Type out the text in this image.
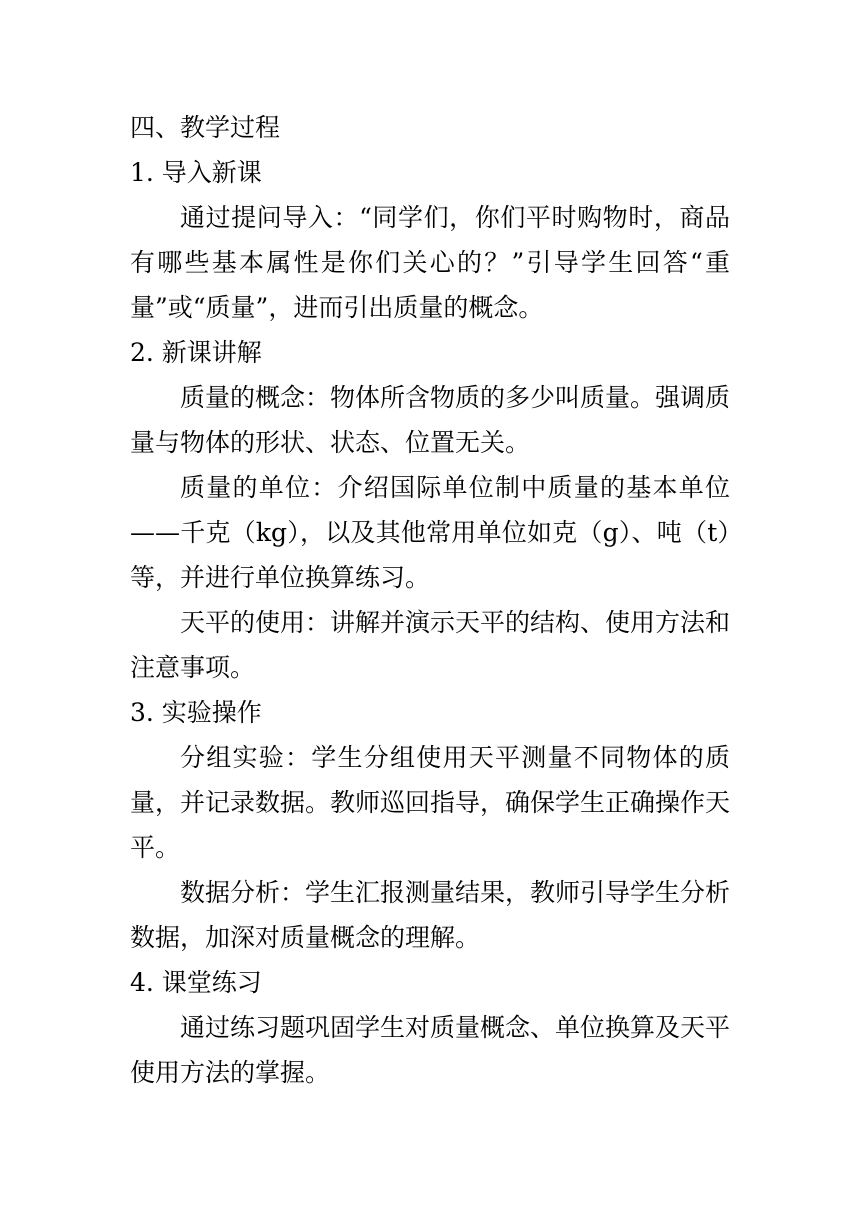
四、教学过程

1. 导入新课

通过提问导入：“同学们，你们平时购物时，商品有哪些基本属性是你们关心的？”引导学生回答“重量”或“质量”，进而引出质量的概念。

2. 新课讲解

质量的概念：物体所含物质的多少叫质量。强调质量与物体的形状、状态、位置无关。

质量的单位：介绍国际单位制中质量的基本单位——千克（kg），以及其他常用单位如克（g）、吨（t）等，并进行单位换算练习。

天平的使用：讲解并演示天平的结构、使用方法和注意事项。

3. 实验操作

分组实验：学生分组使用天平测量不同物体的质量，并记录数据。教师巡回指导，确保学生正确操作天平。

数据分析：学生汇报测量结果，教师引导学生分析数据，加深对质量概念的理解。

4. 课堂练习

通过练习题巩固学生对质量概念、单位换算及天平使用方法的掌握。
